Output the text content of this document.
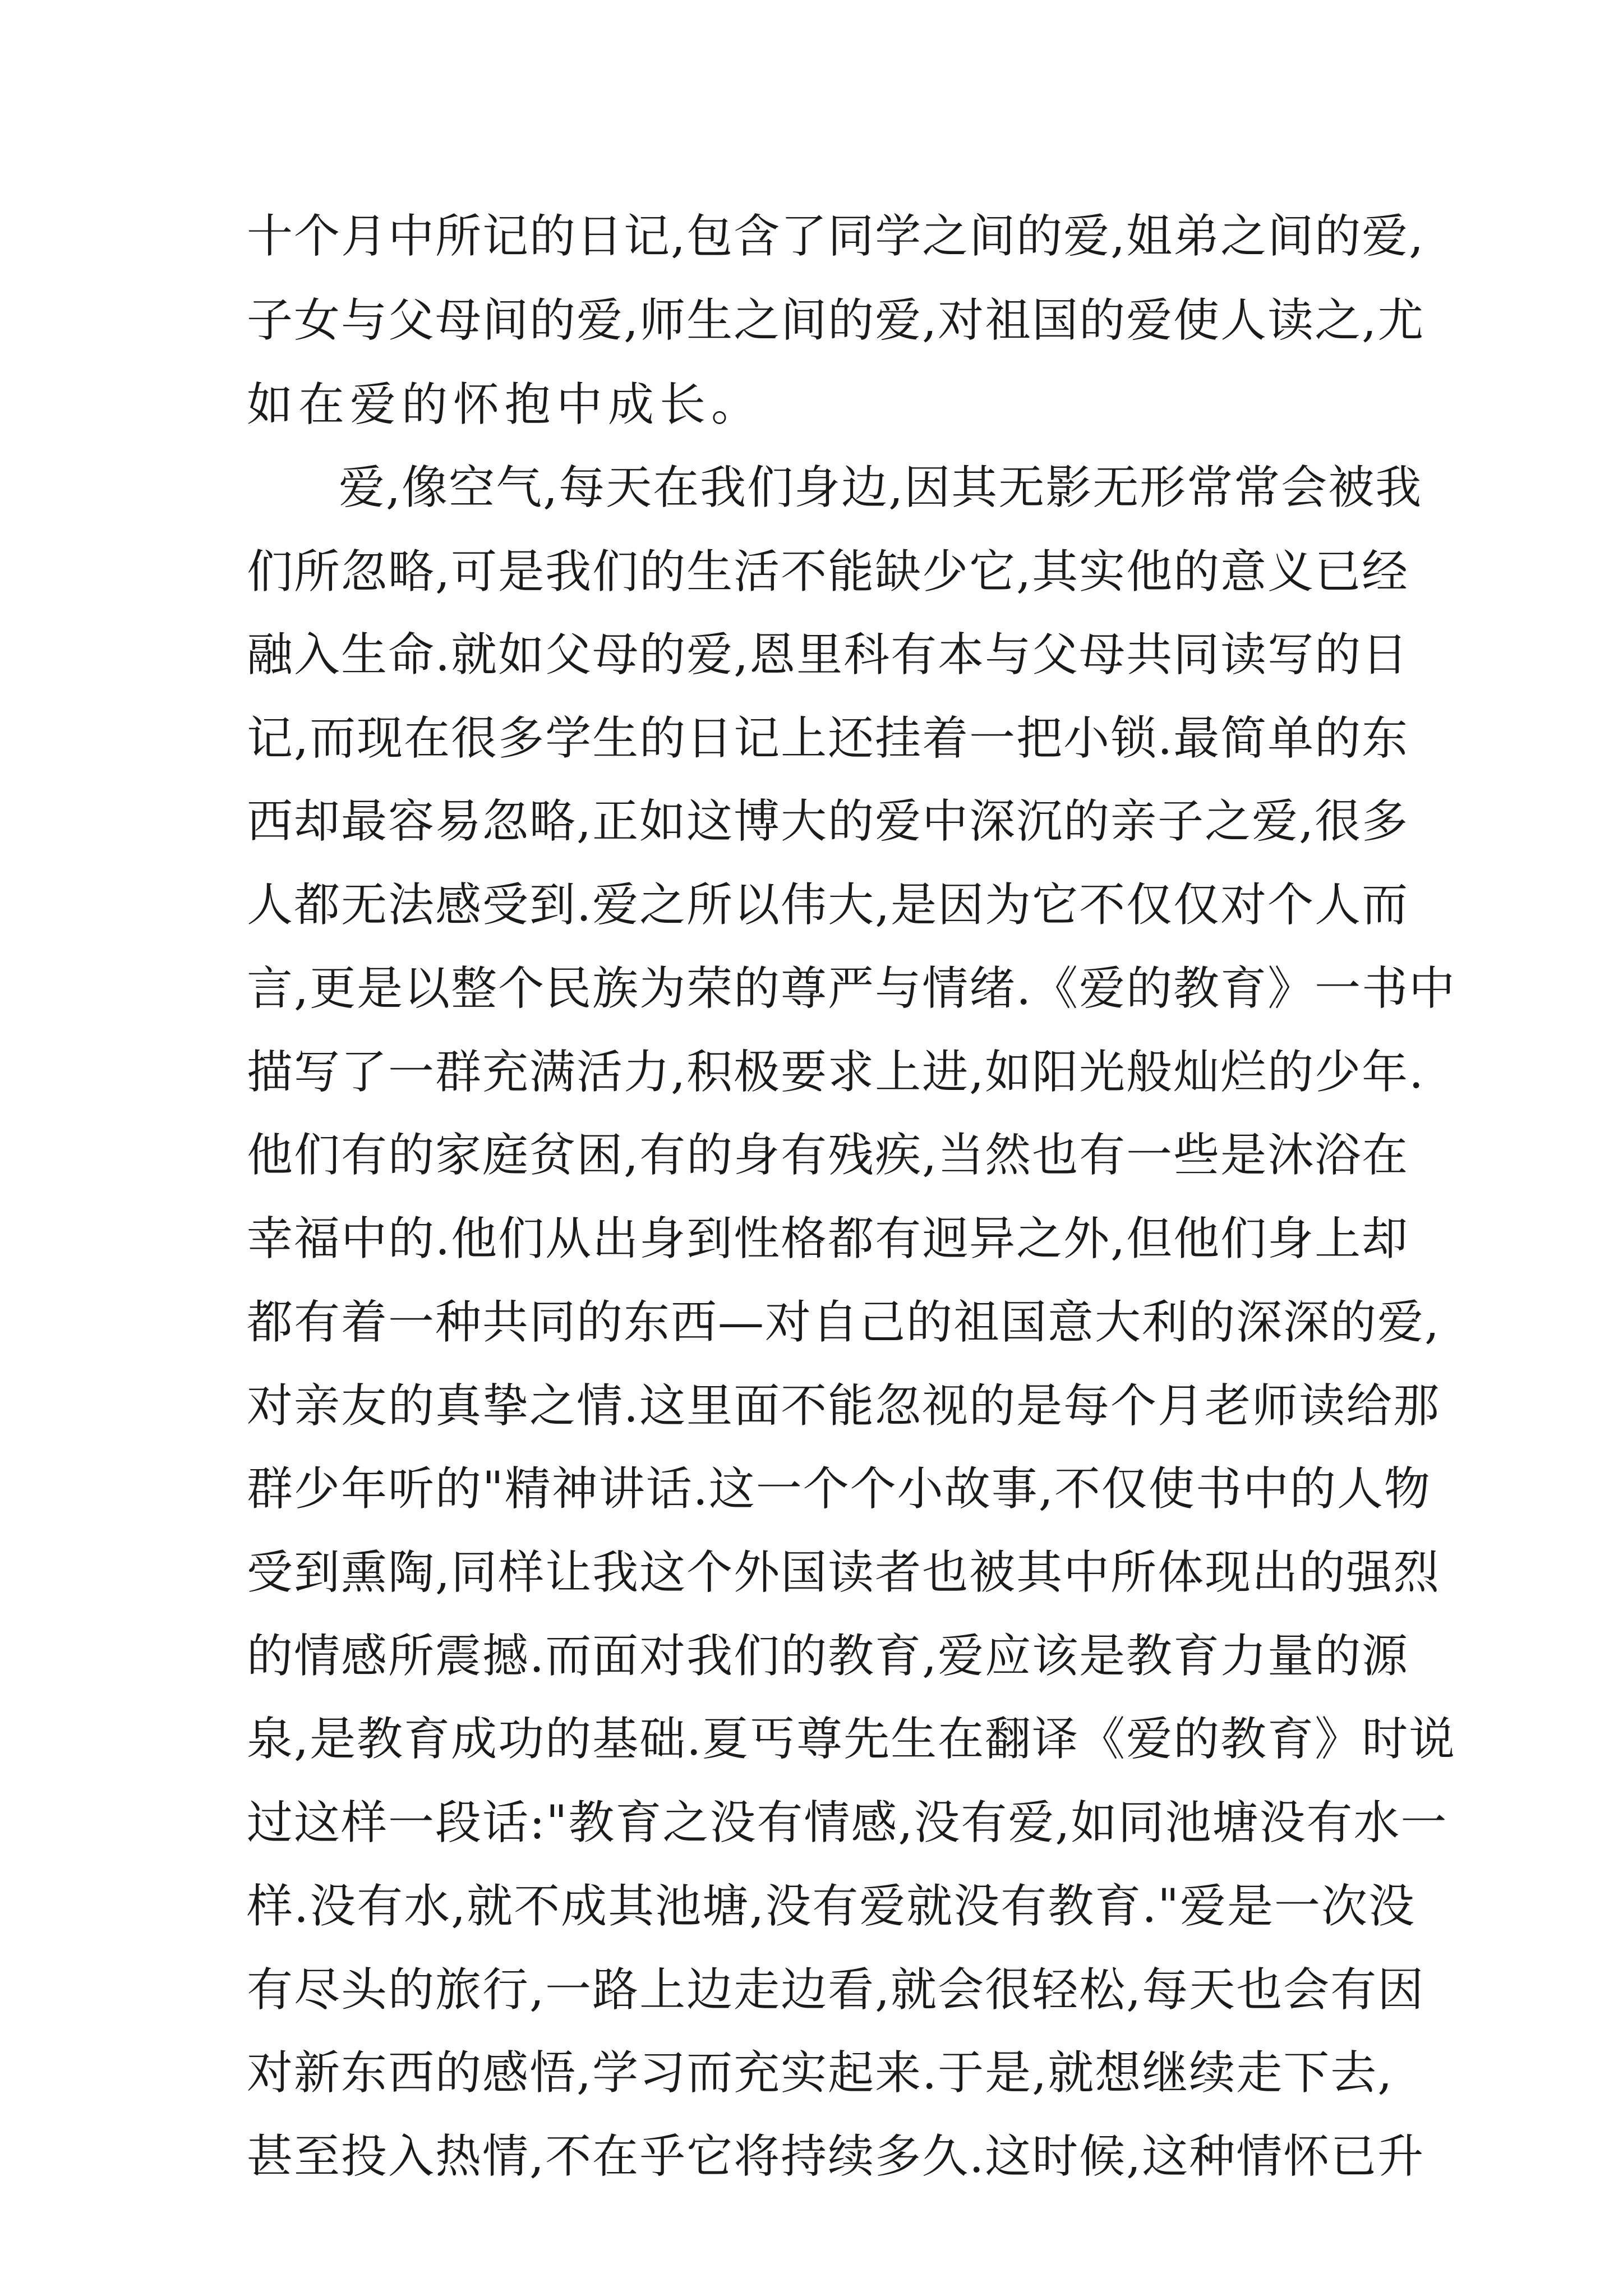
十个月中所记的日记,包含了同学之间的爱,姐弟之间的爱,
子女与父母间的爱,师生之间的爱,对祖国的爱使人读之,尤
如在爱的怀抱中成长。
爱,像空气,每天在我们身边,因其无影无形常常会被我
们所忽略,可是我们的生活不能缺少它,其实他的意义已经
融入生命.就如父母的爱,恩里科有本与父母共同读写的日
记,而现在很多学生的日记上还挂着一把小锁.最简单的东
西却最容易忽略,正如这博大的爱中深沉的亲子之爱,很多
人都无法感受到.爱之所以伟大,是因为它不仅仅对个人而
言,更是以整个民族为荣的尊严与情绪.《爱的教育》一书中
描写了一群充满活力,积极要求上进,如阳光般灿烂的少年.
他们有的家庭贫困,有的身有残疾,当然也有一些是沐浴在
幸福中的.他们从出身到性格都有迥异之外,但他们身上却
都有着一种共同的东西—对自己的祖国意大利的深深的爱,
对亲友的真挚之情.这里面不能忽视的是每个月老师读给那
群少年听的"精神讲话.这一个个小故事,不仅使书中的人物
受到熏陶,同样让我这个外国读者也被其中所体现出的强烈
的情感所震撼.而面对我们的教育,爱应该是教育力量的源
泉,是教育成功的基础.夏丐尊先生在翻译《爱的教育》时说
过这样一段话:"教育之没有情感,没有爱,如同池塘没有水一
样.没有水,就不成其池塘,没有爱就没有教育."爱是一次没
有尽头的旅行,一路上边走边看,就会很轻松,每天也会有因
对新东西的感悟,学习而充实起来.于是,就想继续走下去,
甚至投入热情,不在乎它将持续多久.这时候,这种情怀已升
